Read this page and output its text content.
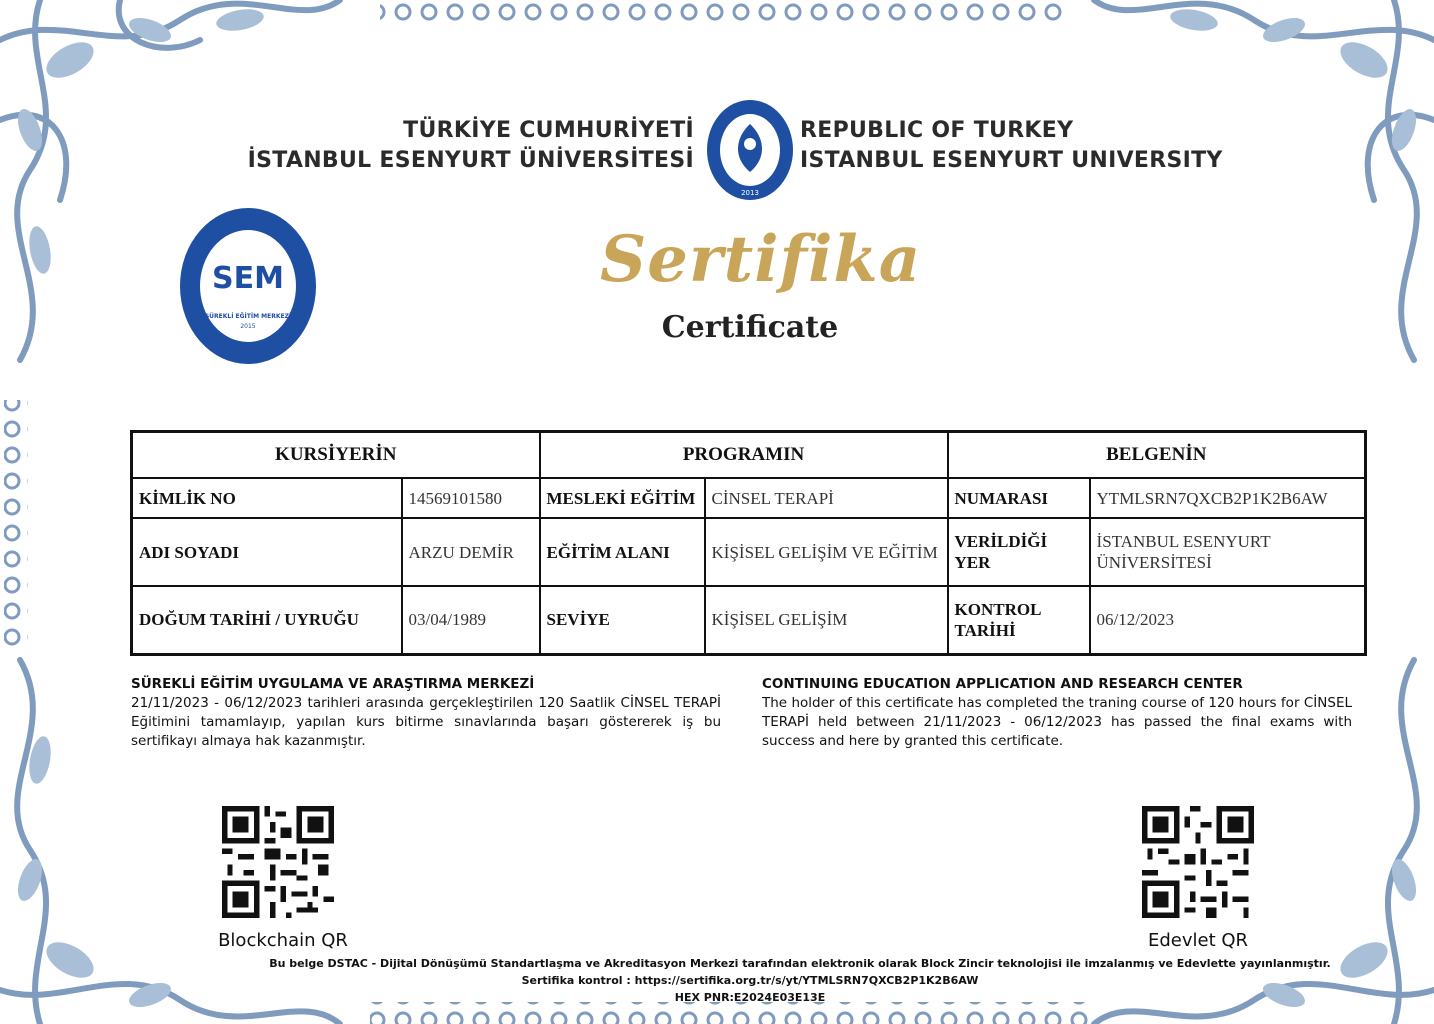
TÜRKİYE CUMHURİYETİ
İSTANBUL ESENYURT ÜNİVERSİTESİ
REPUBLIC OF TURKEY
ISTANBUL ESENYURT UNIVERSITY
2013
SEM
SÜREKLİ EĞİTİM MERKEZİ
2015
Sertifika
Certificate
KURSİYERİN		PROGRAMIN		BELGENİN	
KİMLİK NO	14569101580	MESLEKİ EĞİTİM	CİNSEL TERAPİ	NUMARASI	YTMLSRN7QXCB2P1K2B6AW
ADI SOYADI	ARZU DEMİR	EĞİTİM ALANI	KİŞİSEL GELİŞİM VE EĞİTİM	VERİLDİĞİ YER	İSTANBUL ESENYURT ÜNİVERSİTESİ
DOĞUM TARİHİ / UYRUĞU	03/04/1989	SEVİYE	KİŞİSEL GELİŞİM	KONTROL TARİHİ	06/12/2023
SÜREKLİ EĞİTİM UYGULAMA VE ARAŞTIRMA MERKEZİ
21/11/2023 - 06/12/2023 tarihleri arasında gerçekleştirilen 120 Saatlik CİNSEL TERAPİ Eğitimini tamamlayıp, yapılan kurs bitirme sınavlarında başarı göstererek iş bu sertifikayı almaya hak kazanmıştır.
CONTINUING EDUCATION APPLICATION AND RESEARCH CENTER
The holder of this certificate has completed the traning course of 120 hours for CİNSEL TERAPİ held between 21/11/2023 - 06/12/2023 has passed the final exams with success and here by granted this certificate.
Blockchain QR	Edevlet QR
Bu belge DSTAC - Dijital Dönüşümü Standartlaşma ve Akreditasyon Merkezi tarafından elektronik olarak Block Zincir teknolojisi ile imzalanmış ve Edevlette yayınlanmıştır.
Sertifika kontrol : https://sertifika.org.tr/s/yt/YTMLSRN7QXCB2P1K2B6AW
HEX PNR:E2024E03E13E
